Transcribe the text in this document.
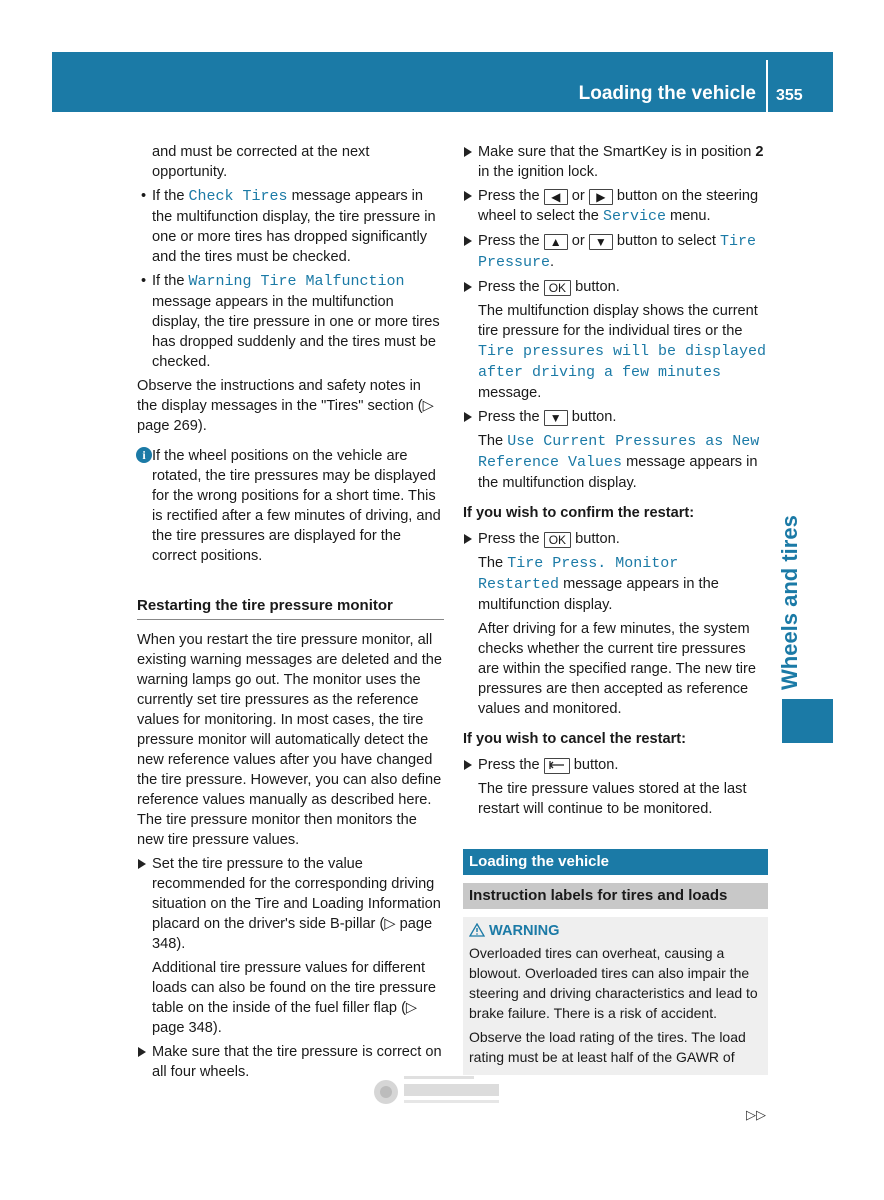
Loading the vehicle 355
Wheels and tires

and must be corrected at the next opportunity.

• If the Check Tires message appears in the multifunction display, the tire pressure in one or more tires has dropped significantly and the tires must be checked.
• If the Warning Tire Malfunction message appears in the multifunction display, the tire pressure in one or more tires has dropped suddenly and the tires must be checked.

Observe the instructions and safety notes in the display messages in the "Tires" section (▷ page 269).

i If the wheel positions on the vehicle are rotated, the tire pressures may be displayed for the wrong positions for a short time. This is rectified after a few minutes of driving, and the tire pressures are displayed for the correct positions.
Restarting the tire pressure monitor

When you restart the tire pressure monitor, all existing warning messages are deleted and the warning lamps go out. The monitor uses the currently set tire pressures as the reference values for monitoring. In most cases, the tire pressure monitor will automatically detect the new reference values after you have changed the tire pressure. However, you can also define reference values manually as described here. The tire pressure monitor then monitors the new tire pressure values.

Set the tire pressure to the value recommended for the corresponding driving situation on the Tire and Loading Information placard on the driver's side B-pillar (▷ page 348).

Additional tire pressure values for different loads can also be found on the tire pressure table on the inside of the fuel filler flap (▷ page 348).

Make sure that the tire pressure is correct on all four wheels.
Make sure that the SmartKey is in position 2 in the ignition lock.
Press the ◀ or ▶ button on the steering wheel to select the Service menu.
Press the ▲ or ▼ button to select Tire Pressure.
Press the OK button.

The multifunction display shows the current tire pressure for the individual tires or the Tire pressures will be displayed after driving a few minutes message.

Press the ▼ button.

The Use Current Pressures as New Reference Values message appears in the multifunction display.

If you wish to confirm the restart:
Press the OK button.

The Tire Press. Monitor Restarted message appears in the multifunction display.

After driving for a few minutes, the system checks whether the current tire pressures are within the specified range. The new tire pressures are then accepted as reference values and monitored.

If you wish to cancel the restart:
Press the button.

The tire pressure values stored at the last restart will continue to be monitored.

Loading the vehicle
Instruction labels for tires and loads
WARNING

Overloaded tires can overheat, causing a blowout. Overloaded tires can also impair the steering and driving characteristics and lead to brake failure. There is a risk of accident.

Observe the load rating of the tires. The load rating must be at least half of the GAWR of

▷▷
